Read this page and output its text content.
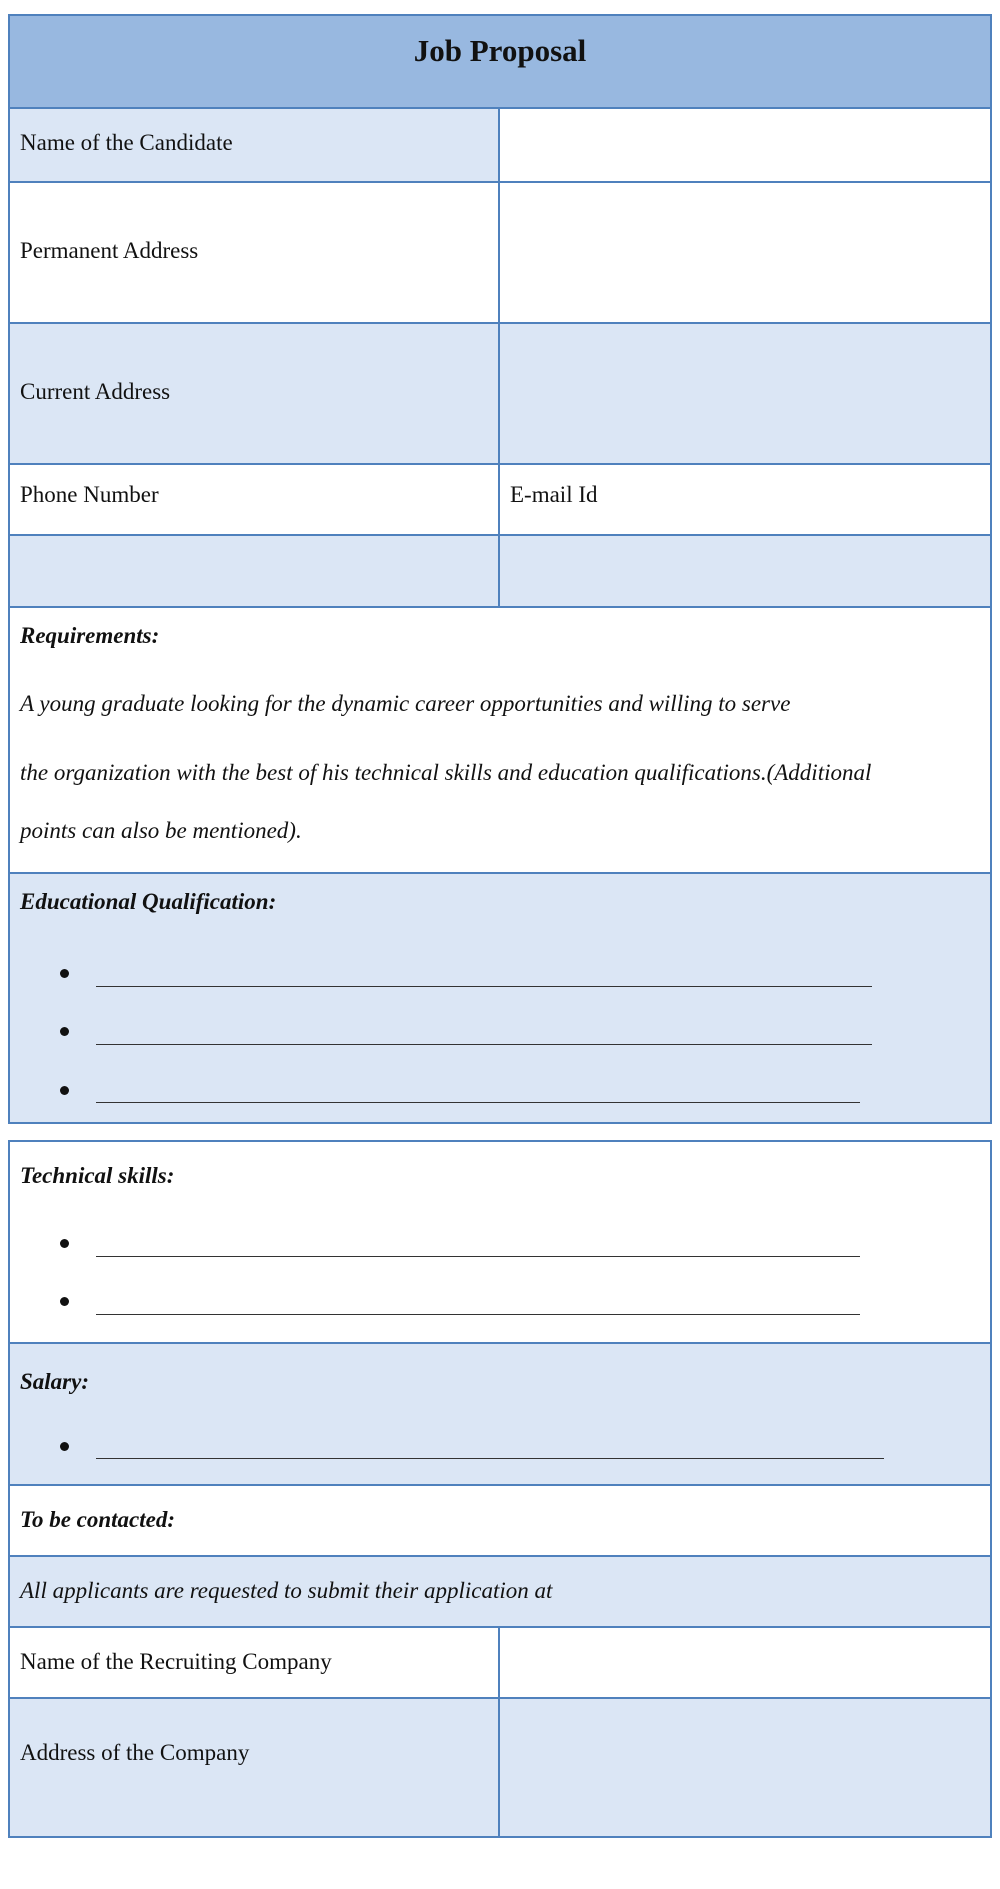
Job Proposal
Name of the Candidate
Permanent Address
Current Address
Phone Number	E-mail Id
Requirements:
A young graduate looking for the dynamic career opportunities and willing to serve
the organization with the best of his technical skills and education qualifications.(Additional
points can also be mentioned).
Educational Qualification:
Technical skills:
Salary:
To be contacted:
All applicants are requested to submit their application at
Name of the Recruiting Company
Address of the Company
